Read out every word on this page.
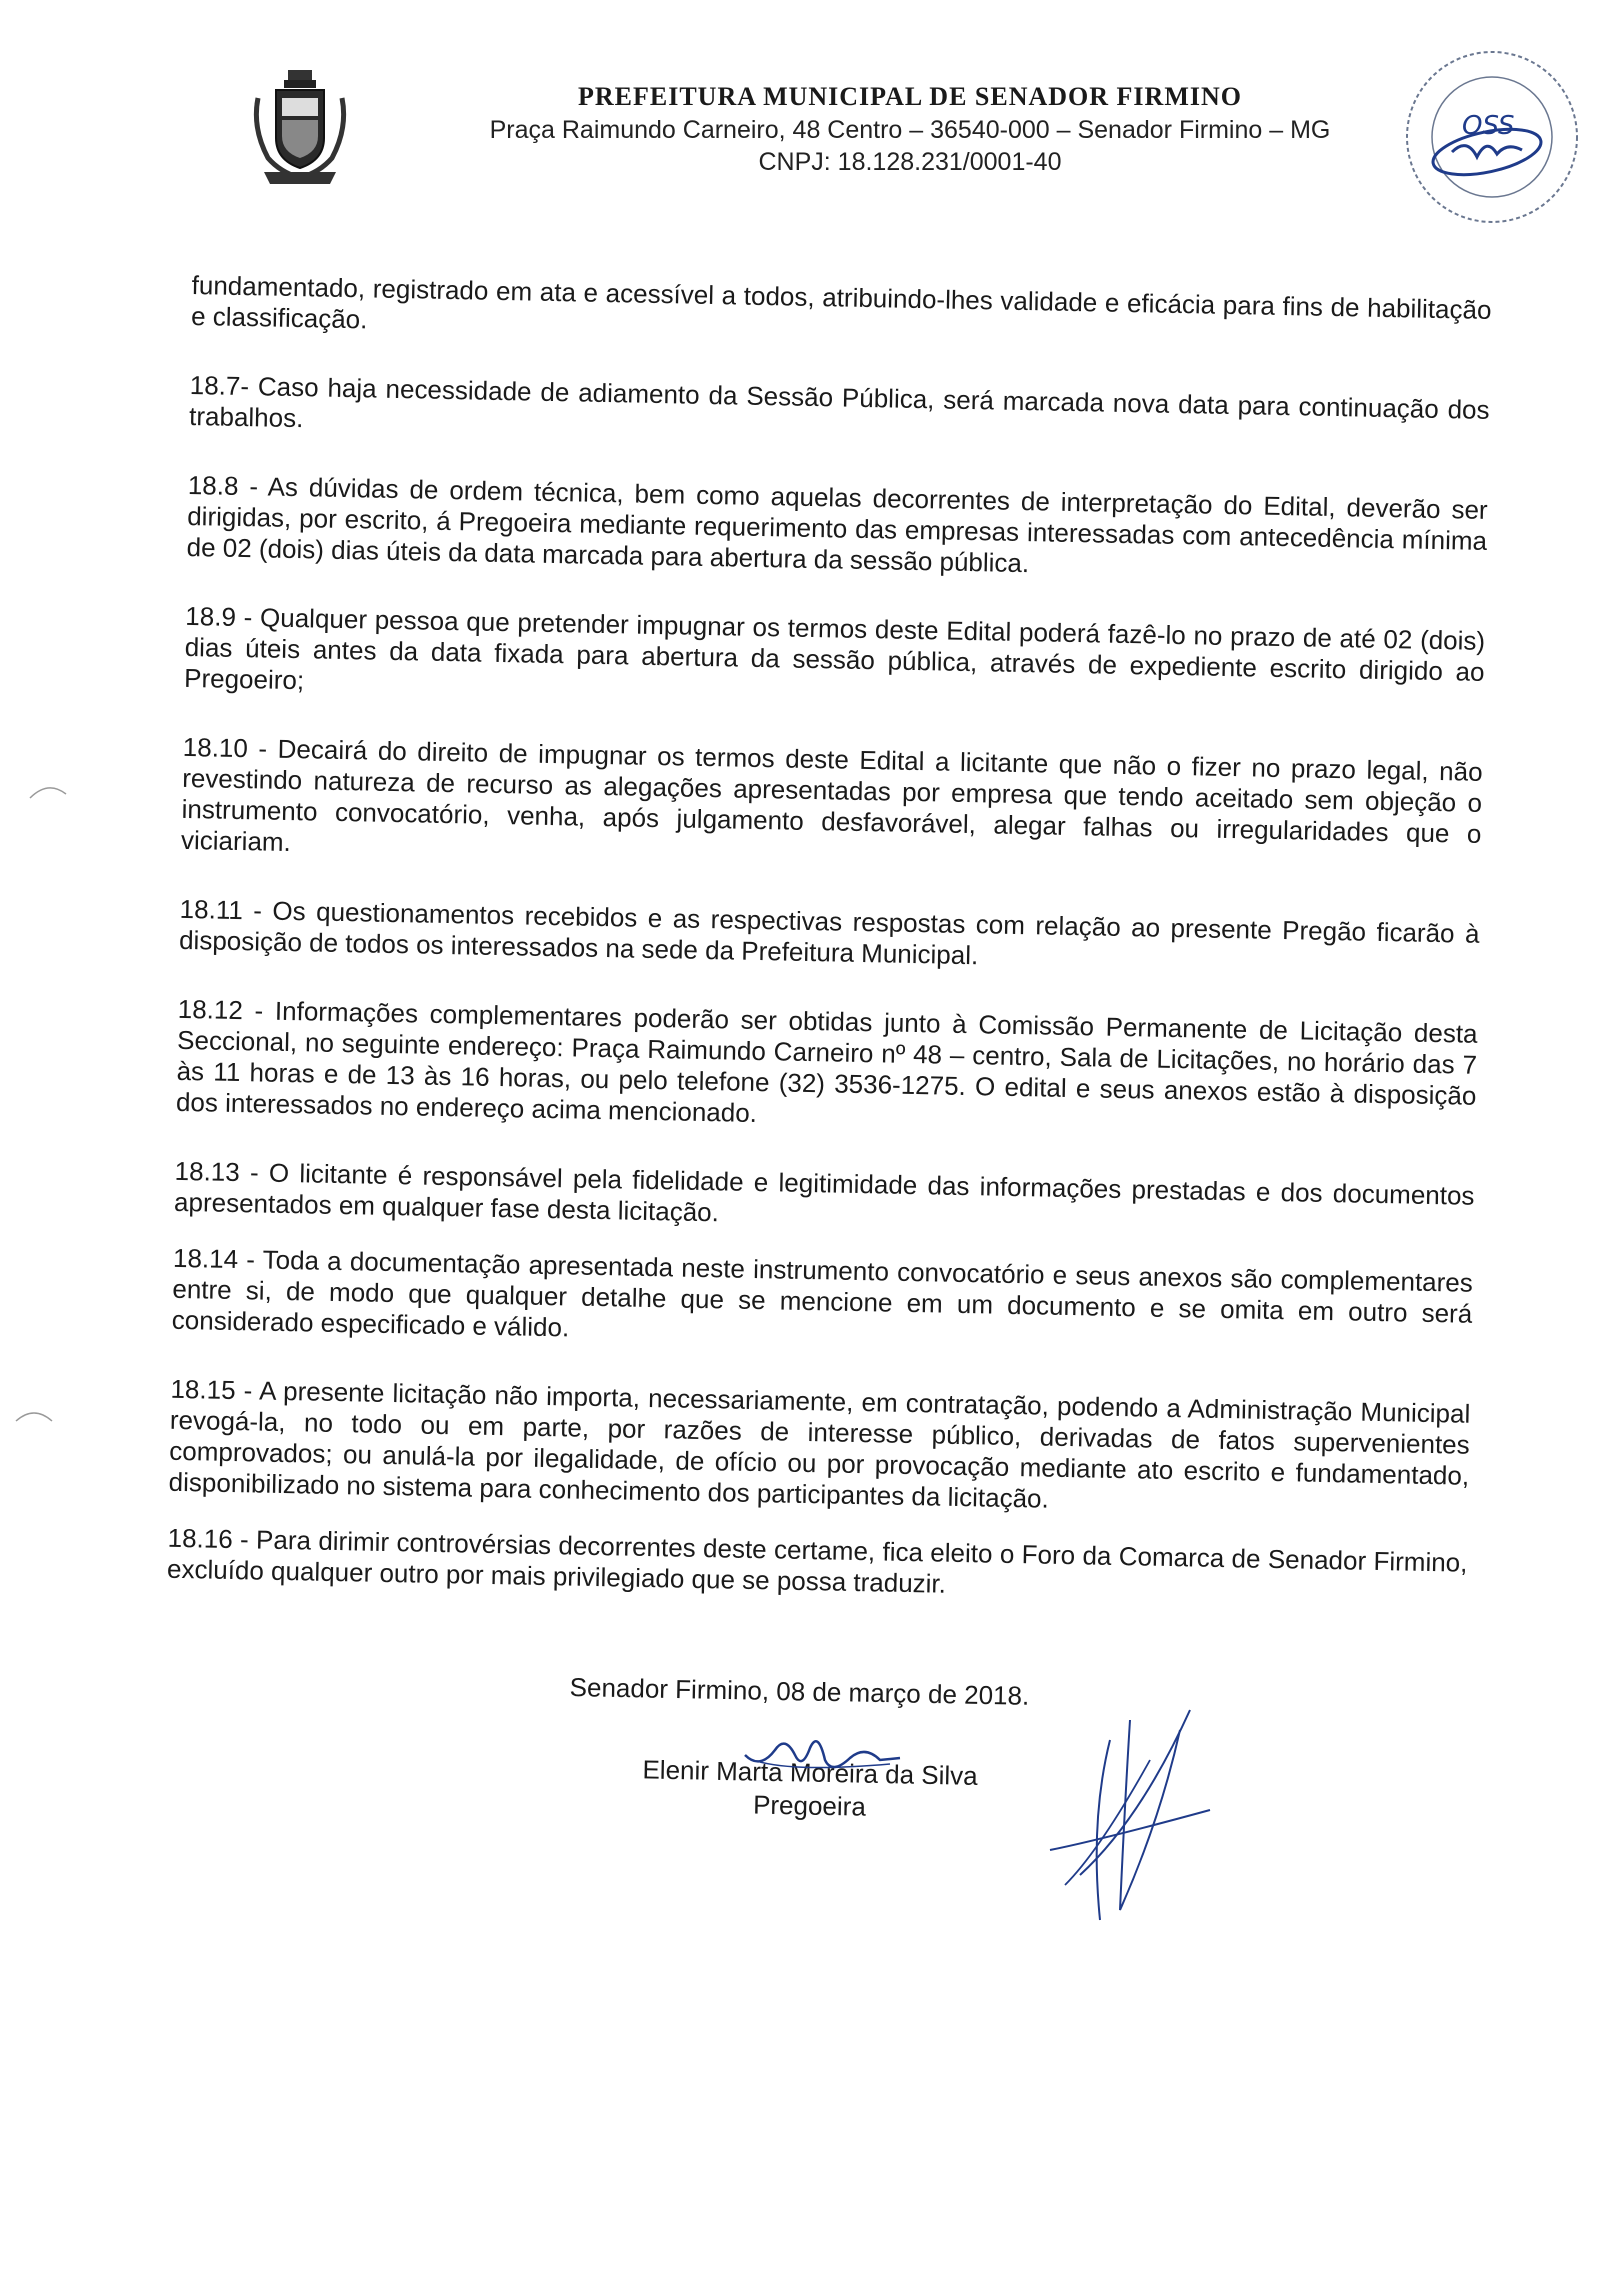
PREFEITURA MUNICIPAL DE SENADOR FIRMINO

Praça Raimundo Carneiro, 48 Centro – 36540-000 – Senador Firmino – MG

CNPJ: 18.128.231/0001-40

OSS

fundamentado, registrado em ata e acessível a todos, atribuindo-lhes validade e eficácia para fins de habilitação e classificação.

18.7- Caso haja necessidade de adiamento da Sessão Pública, será marcada nova data para continuação dos trabalhos.

18.8 - As dúvidas de ordem técnica, bem como aquelas decorrentes de interpretação do Edital, deverão ser dirigidas, por escrito, á Pregoeira mediante requerimento das empresas interessadas com antecedência mínima de 02 (dois) dias úteis da data marcada para abertura da sessão pública.

18.9 - Qualquer pessoa que pretender impugnar os termos deste Edital poderá fazê-lo no prazo de até 02 (dois) dias úteis antes da data fixada para abertura da sessão pública, através de expediente escrito dirigido ao Pregoeiro;

18.10 - Decairá do direito de impugnar os termos deste Edital a licitante que não o fizer no prazo legal, não revestindo natureza de recurso as alegações apresentadas por empresa que tendo aceitado sem objeção o instrumento convocatório, venha, após julgamento desfavorável, alegar falhas ou irregularidades que o viciariam.

18.11 - Os questionamentos recebidos e as respectivas respostas com relação ao presente Pregão ficarão à disposição de todos os interessados na sede da Prefeitura Municipal.

18.12 - Informações complementares poderão ser obtidas junto à Comissão Permanente de Licitação desta Seccional, no seguinte endereço: Praça Raimundo Carneiro nº 48 – centro, Sala de Licitações, no horário das 7 às 11 horas e de 13 às 16 horas, ou pelo telefone (32) 3536-1275. O edital e seus anexos estão à disposição dos interessados no endereço acima mencionado.

18.13 - O licitante é responsável pela fidelidade e legitimidade das informações prestadas e dos documentos apresentados em qualquer fase desta licitação.

18.14 - Toda a documentação apresentada neste instrumento convocatório e seus anexos são complementares entre si, de modo que qualquer detalhe que se mencione em um documento e se omita em outro será considerado especificado e válido.

18.15 - A presente licitação não importa, necessariamente, em contratação, podendo a Administração Municipal revogá-la, no todo ou em parte, por razões de interesse público, derivadas de fatos supervenientes comprovados; ou anulá-la por ilegalidade, de ofício ou por provocação mediante ato escrito e fundamentado, disponibilizado no sistema para conhecimento dos participantes da licitação.

18.16 - Para dirimir controvérsias decorrentes deste certame, fica eleito o Foro da Comarca de Senador Firmino, excluído qualquer outro por mais privilegiado que se possa traduzir.

Senador Firmino, 08 de março de 2018.

Elenir Marta Moreira da Silva

Pregoeira
